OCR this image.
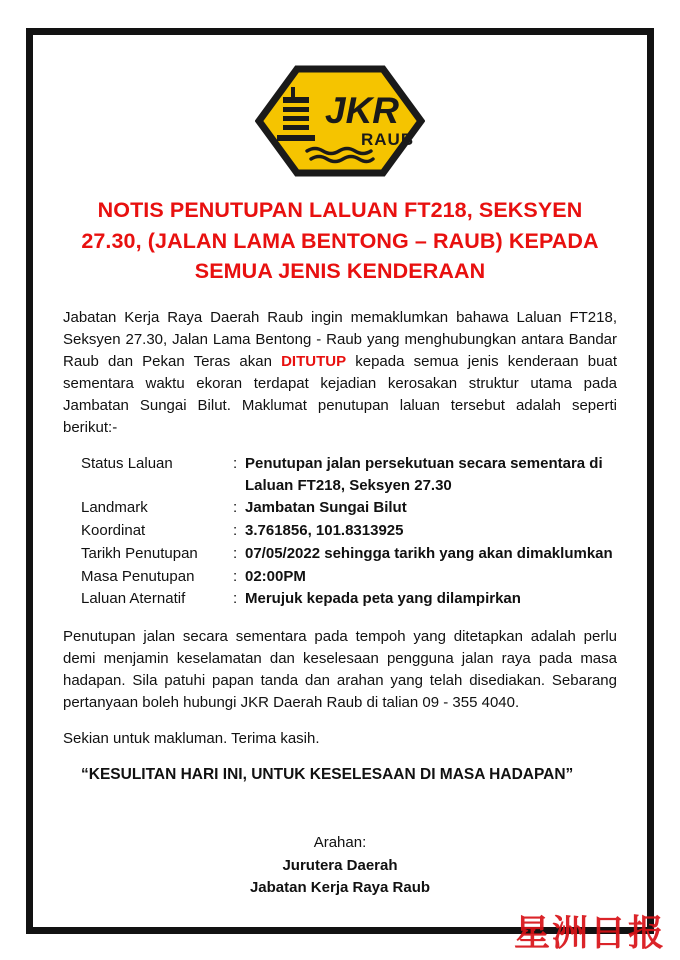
JKR
RAUB
NOTIS PENUTUPAN LALUAN FT218, SEKSYEN 27.30, (JALAN LAMA BENTONG – RAUB) KEPADA SEMUA JENIS KENDERAAN

Jabatan Kerja Raya Daerah Raub ingin memaklumkan bahawa Laluan FT218, Seksyen 27.30, Jalan Lama Bentong - Raub yang menghubungkan antara Bandar Raub dan Pekan Teras akan DITUTUP kepada semua jenis kenderaan buat sementara waktu ekoran terdapat kejadian kerosakan struktur utama pada Jambatan Sungai Bilut. Maklumat penutupan laluan tersebut adalah seperti berikut:-

Status Laluan	: Penutupan jalan persekutuan secara sementara di Laluan FT218, Seksyen 27.30
Landmark	: Jambatan Sungai Bilut
Koordinat	: 3.761856, 101.8313925
Tarikh Penutupan	: 07/05/2022 sehingga tarikh yang akan dimaklumkan
Masa Penutupan	: 02:00PM
Laluan Aternatif	: Merujuk kepada peta yang dilampirkan

Penutupan jalan secara sementara pada tempoh yang ditetapkan adalah perlu demi menjamin keselamatan dan keselesaan pengguna jalan raya pada masa hadapan. Sila patuhi papan tanda dan arahan yang telah disediakan. Sebarang pertanyaan boleh hubungi JKR Daerah Raub di talian 09 - 355 4040.

Sekian untuk makluman. Terima kasih.

“KESULITAN HARI INI, UNTUK KESELESAAN DI MASA HADAPAN”
Arahan:
Jurutera Daerah
Jabatan Kerja Raya Raub
星洲日报
